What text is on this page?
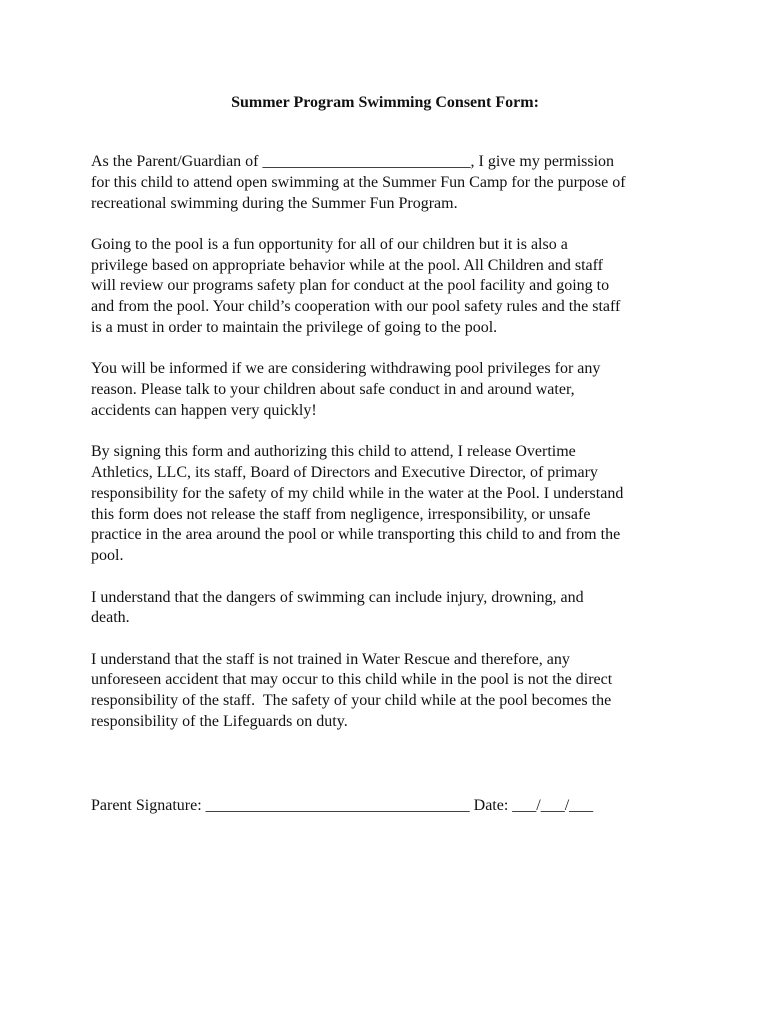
Summer Program Swimming Consent Form:

As the Parent/Guardian of __________________________, I give my permission
for this child to attend open swimming at the Summer Fun Camp for the purpose of
recreational swimming during the Summer Fun Program.

Going to the pool is a fun opportunity for all of our children but it is also a
privilege based on appropriate behavior while at the pool. All Children and staff
will review our programs safety plan for conduct at the pool facility and going to
and from the pool. Your child’s cooperation with our pool safety rules and the staff
is a must in order to maintain the privilege of going to the pool.

You will be informed if we are considering withdrawing pool privileges for any
reason. Please talk to your children about safe conduct in and around water,
accidents can happen very quickly!

By signing this form and authorizing this child to attend, I release Overtime
Athletics, LLC, its staff, Board of Directors and Executive Director, of primary
responsibility for the safety of my child while in the water at the Pool. I understand
this form does not release the staff from negligence, irresponsibility, or unsafe
practice in the area around the pool or while transporting this child to and from the
pool.

I understand that the dangers of swimming can include injury, drowning, and
death.

I understand that the staff is not trained in Water Rescue and therefore, any
unforeseen accident that may occur to this child while in the pool is not the direct
responsibility of the staff.  The safety of your child while at the pool becomes the
responsibility of the Lifeguards on duty.

Parent Signature: _________________________________ Date: ___/___/___
